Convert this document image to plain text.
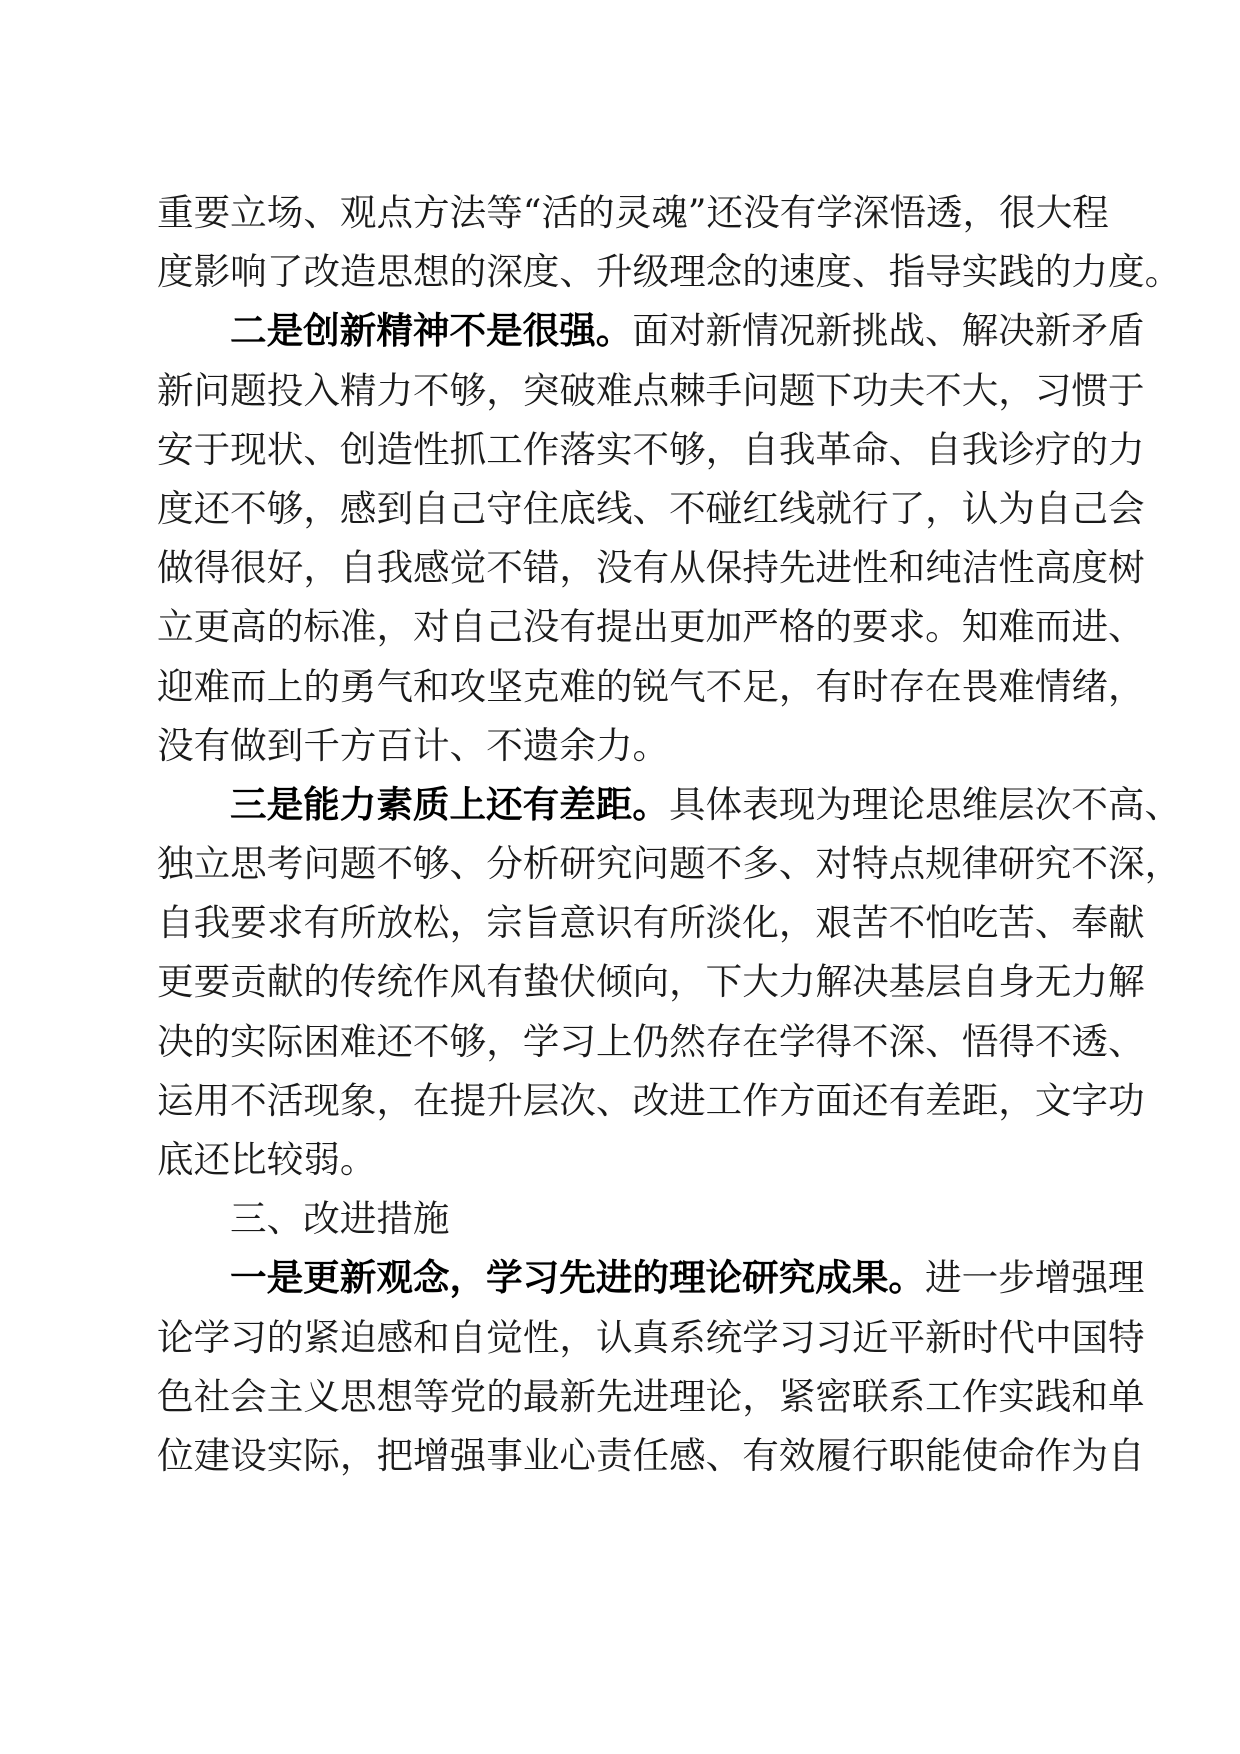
重要立场、观点方法等“活的灵魂”还没有学深悟透，很大程
度影响了改造思想的深度、升级理念的速度、指导实践的力度。
二是创新精神不是很强。面对新情况新挑战、解决新矛盾
新问题投入精力不够，突破难点棘手问题下功夫不大，习惯于
安于现状、创造性抓工作落实不够，自我革命、自我诊疗的力
度还不够，感到自己守住底线、不碰红线就行了，认为自己会
做得很好，自我感觉不错，没有从保持先进性和纯洁性高度树
立更高的标准，对自己没有提出更加严格的要求。知难而进、
迎难而上的勇气和攻坚克难的锐气不足，有时存在畏难情绪，
没有做到千方百计、不遗余力。
三是能力素质上还有差距。具体表现为理论思维层次不高、
独立思考问题不够、分析研究问题不多、对特点规律研究不深，
自我要求有所放松，宗旨意识有所淡化，艰苦不怕吃苦、奉献
更要贡献的传统作风有蛰伏倾向，下大力解决基层自身无力解
决的实际困难还不够，学习上仍然存在学得不深、悟得不透、
运用不活现象，在提升层次、改进工作方面还有差距，文字功
底还比较弱。
三、改进措施
一是更新观念，学习先进的理论研究成果。进一步增强理
论学习的紧迫感和自觉性，认真系统学习习近平新时代中国特
色社会主义思想等党的最新先进理论，紧密联系工作实践和单
位建设实际，把增强事业心责任感、有效履行职能使命作为自
